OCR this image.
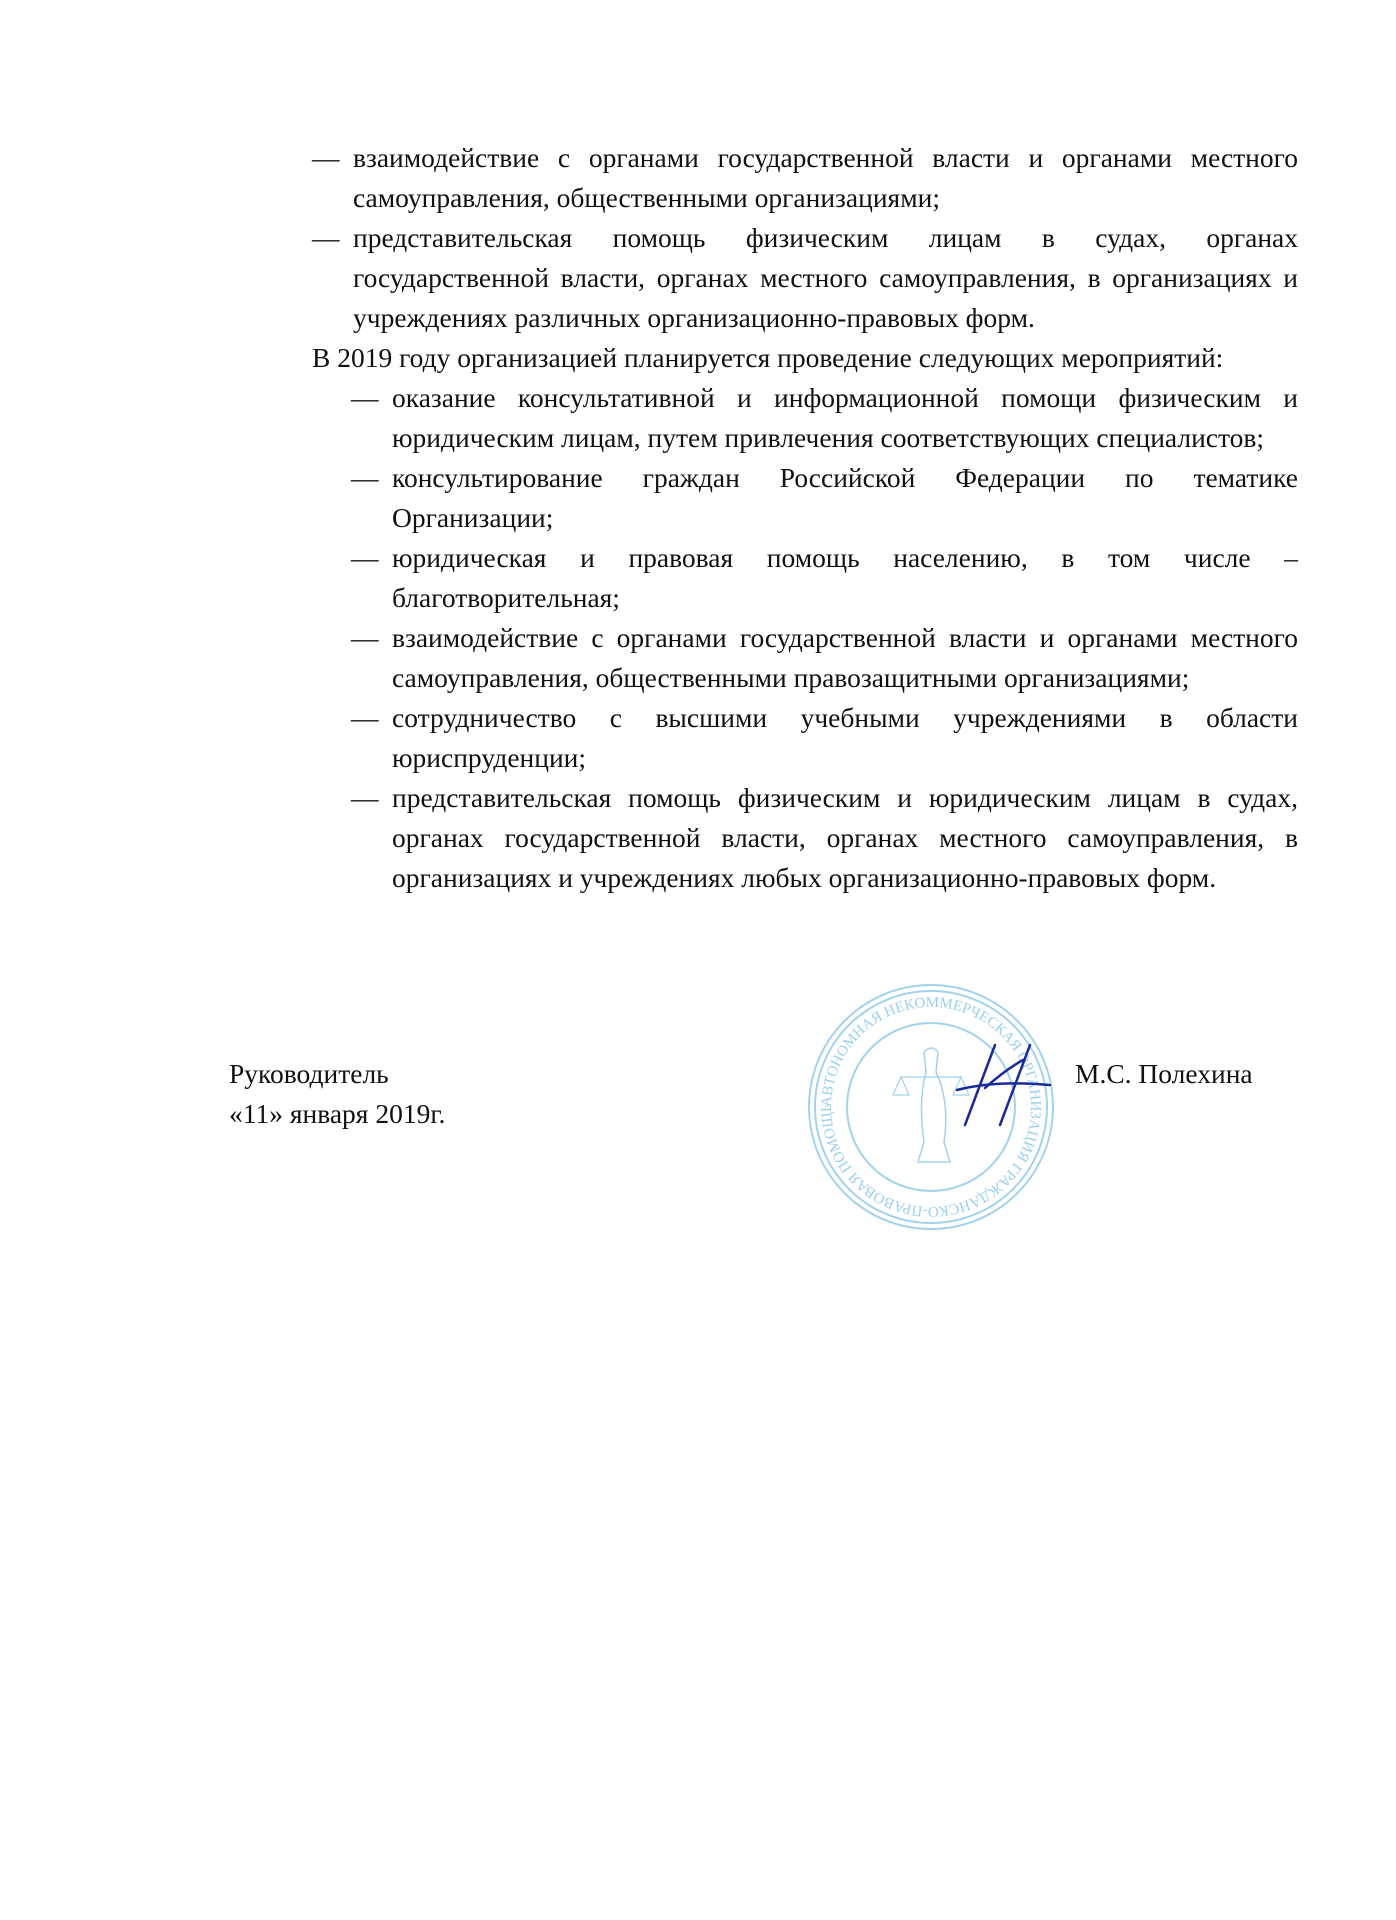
— взаимодействие с органами государственной власти и органами местного самоуправления, общественными организациями;
— представительская помощь физическим лицам в судах, органах государственной власти, органах местного самоуправления, в организациях и учреждениях различных организационно-правовых форм.
В 2019 году организацией планируется проведение следующих мероприятий:
— оказание консультативной и информационной помощи физическим и юридическим лицам, путем привлечения соответствующих специалистов;
— консультирование граждан Российской Федерации по тематике Организации;
— юридическая и правовая помощь населению, в том числе – благотворительная;
— взаимодействие с органами государственной власти и органами местного самоуправления, общественными правозащитными организациями;
— сотрудничество с высшими учебными учреждениями в области юриспруденции;
— представительская помощь физическим и юридическим лицам в судах, органах государственной власти, органах местного самоуправления, в организациях и учреждениях любых организационно-правовых форм.
АВТОНОМНАЯ НЕКОММЕРЧЕСКАЯ ОРГАНИЗАЦИЯ ГРАЖДАНСКО-ПРАВОВАЯ ПОМОЩЬ
Руководитель
«11» января 2019г.
М.С. Полехина
